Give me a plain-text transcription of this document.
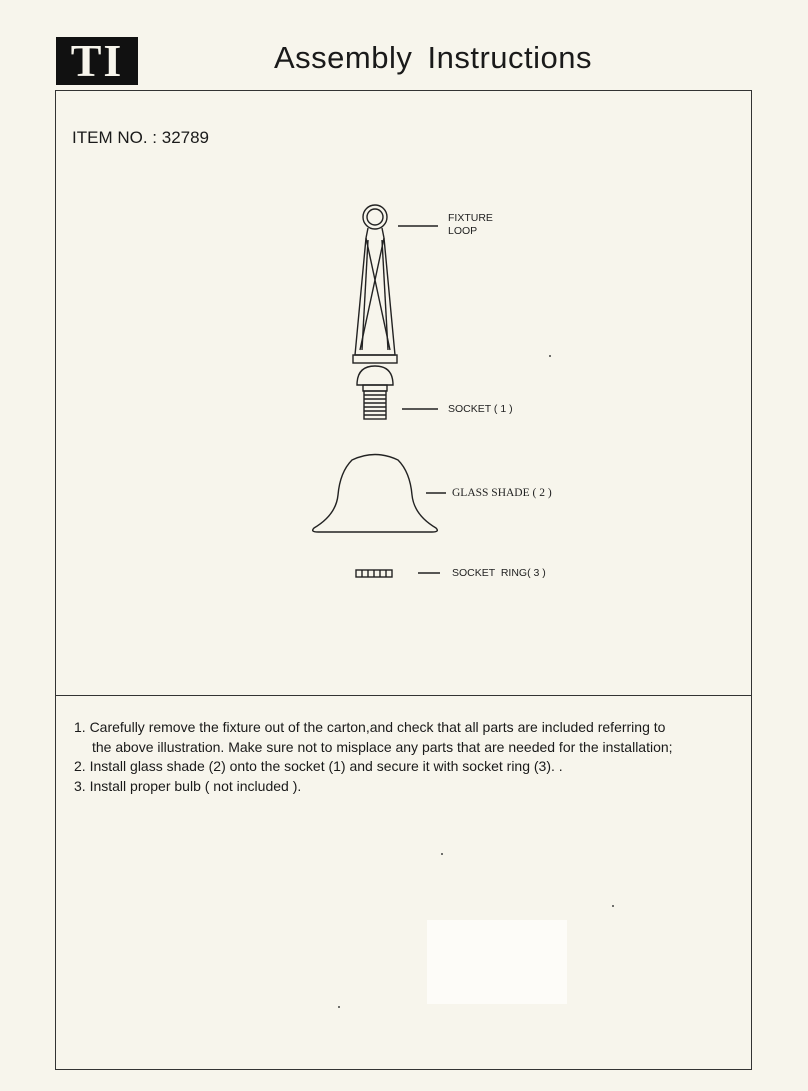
TI	Assembly Instructions
ITEM NO. : 32789
FIXTURE
LOOP
SOCKET ( 1 )
GLASS SHADE ( 2 )
SOCKET  RING( 3 )
1. Carefully remove the fixture out of the carton,and check that all parts are included referring to
the above illustration. Make sure not to misplace any parts that are needed for the installation;
2. Install glass shade (2) onto the socket (1) and secure it with socket ring (3). .
3. Install proper bulb ( not included ).
